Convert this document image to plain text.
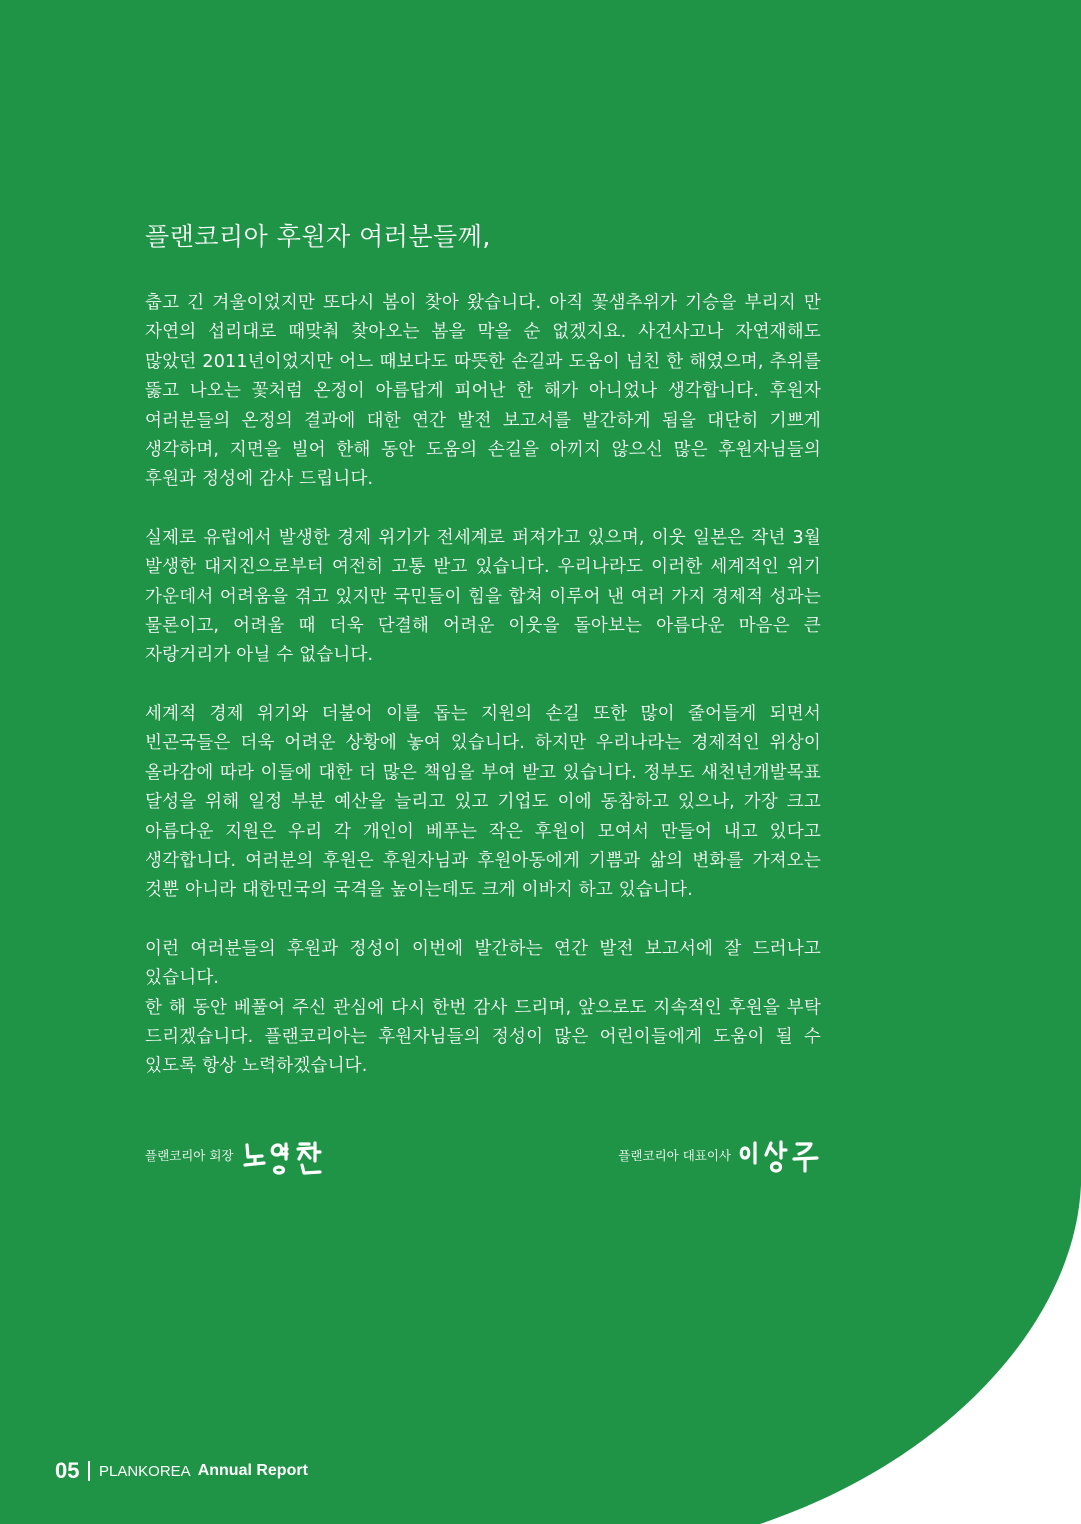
플랜코리아 후원자 여러분들께,

춥고 긴 겨울이었지만 또다시 봄이 찾아 왔습니다. 아직 꽃샘추위가 기승을 부리지 만 자연의 섭리대로 때맞춰 찾아오는 봄을 막을 순 없겠지요. 사건사고나 자연재해도 많았던 2011년이었지만 어느 때보다도 따뜻한 손길과 도움이 넘친 한 해였으며, 추위를 뚫고 나오는 꽃처럼 온정이 아름답게 피어난 한 해가 아니었나 생각합니다. 후원자 여러분들의 온정의 결과에 대한 연간 발전 보고서를 발간하게 됨을 대단히 기쁘게 생각하며, 지면을 빌어 한해 동안 도움의 손길을 아끼지 않으신 많은 후원자님들의 후원과 정성에 감사 드립니다.

실제로 유럽에서 발생한 경제 위기가 전세계로 퍼져가고 있으며, 이웃 일본은 작년 3월 발생한 대지진으로부터 여전히 고통 받고 있습니다. 우리나라도 이러한 세계적인 위기 가운데서 어려움을 겪고 있지만 국민들이 힘을 합쳐 이루어 낸 여러 가지 경제적 성과는 물론이고, 어려울 때 더욱 단결해 어려운 이웃을 돌아보는 아름다운 마음은 큰 자랑거리가 아닐 수 없습니다.

세계적 경제 위기와 더불어 이를 돕는 지원의 손길 또한 많이 줄어들게 되면서 빈곤국들은 더욱 어려운 상황에 놓여 있습니다. 하지만 우리나라는 경제적인 위상이 올라감에 따라 이들에 대한 더 많은 책임을 부여 받고 있습니다. 정부도 새천년개발목표 달성을 위해 일정 부분 예산을 늘리고 있고 기업도 이에 동참하고 있으나, 가장 크고 아름다운 지원은 우리 각 개인이 베푸는 작은 후원이 모여서 만들어 내고 있다고 생각합니다. 여러분의 후원은 후원자님과 후원아동에게 기쁨과 삶의 변화를 가져오는 것뿐 아니라 대한민국의 국격을 높이는데도 크게 이바지 하고 있습니다.

이런 여러분들의 후원과 정성이 이번에 발간하는 연간 발전 보고서에 잘 드러나고 있습니다.

한 해 동안 베풀어 주신 관심에 다시 한번 감사 드리며, 앞으로도 지속적인 후원을 부탁 드리겠습니다. 플랜코리아는 후원자님들의 정성이 많은 어린이들에게 도움이 될 수 있도록 항상 노력하겠습니다.

플랜코리아 회장	플랜코리아 대표이사
05 PLANKOREA Annual Report
